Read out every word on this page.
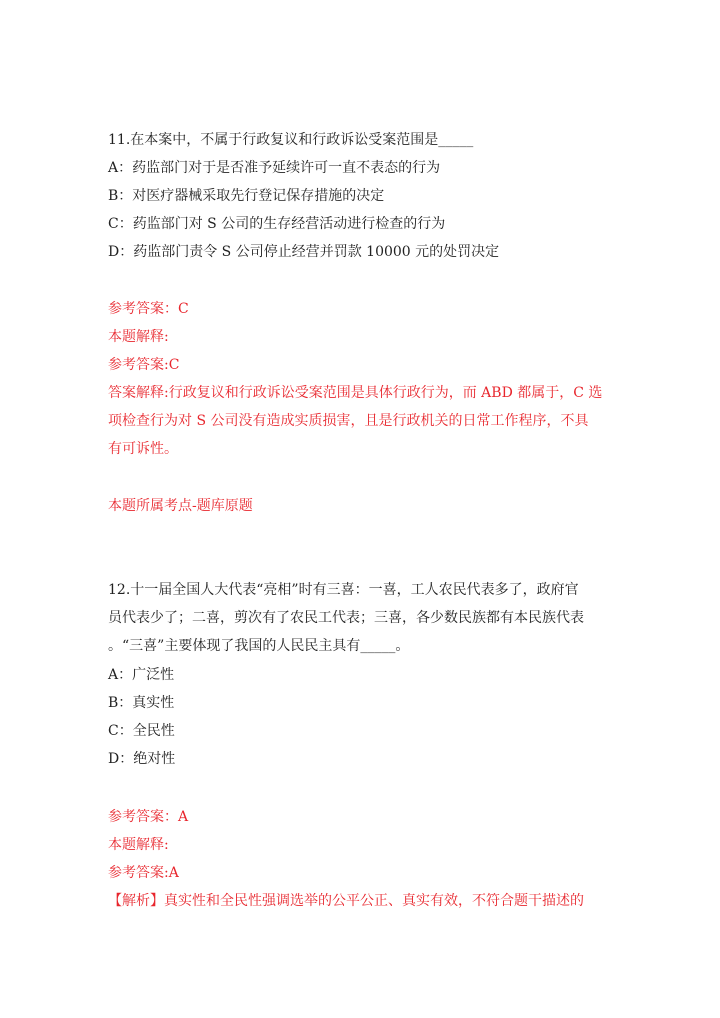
11.在本案中，不属于行政复议和行政诉讼受案范围是_____
A：药监部门对于是否准予延续许可一直不表态的行为
B：对医疗器械采取先行登记保存措施的决定
C：药监部门对 S 公司的生存经营活动进行检查的行为
D：药监部门责令 S 公司停止经营并罚款 10000 元的处罚决定
参考答案：C
本题解释:
参考答案:C
答案解释:行政复议和行政诉讼受案范围是具体行政行为，而 ABD 都属于，C 选
项检查行为对 S 公司没有造成实质损害，且是行政机关的日常工作程序，不具
有可诉性。
本题所属考点-题库原题
12.十一届全国人大代表“亮相”时有三喜：一喜，工人农民代表多了，政府官
员代表少了；二喜，剪次有了农民工代表；三喜，各少数民族都有本民族代表
。“三喜”主要体现了我国的人民民主具有_____。
A：广泛性
B：真实性
C：全民性
D：绝对性
参考答案：A
本题解释:
参考答案:A
【解析】真实性和全民性强调选举的公平公正、真实有效，不符合题干描述的
